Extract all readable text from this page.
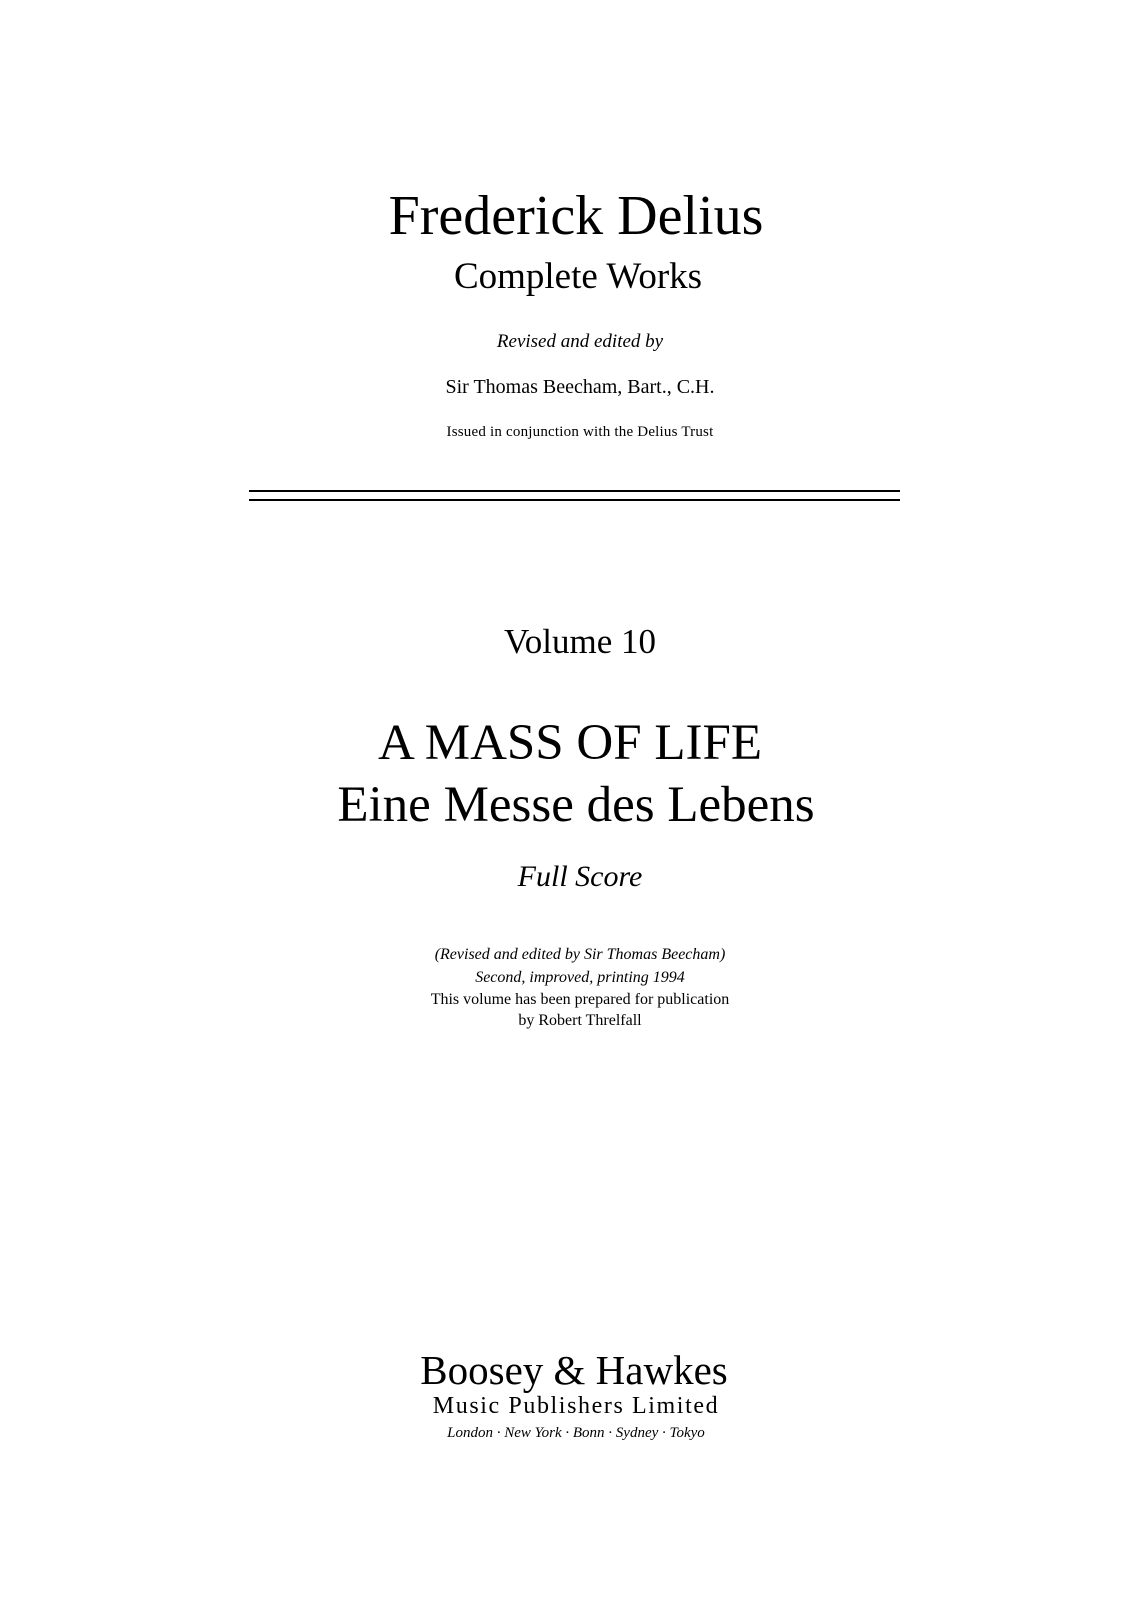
Frederick Delius
Complete Works
Revised and edited by
Sir Thomas Beecham, Bart., C.H.
Issued in conjunction with the Delius Trust
Volume 10
A MASS OF LIFE
Eine Messe des Lebens
Full Score
(Revised and edited by Sir Thomas Beecham)
Second, improved, printing 1994
This volume has been prepared for publication
by Robert Threlfall
Boosey & Hawkes
Music Publishers Limited
London · New York · Bonn · Sydney · Tokyo
